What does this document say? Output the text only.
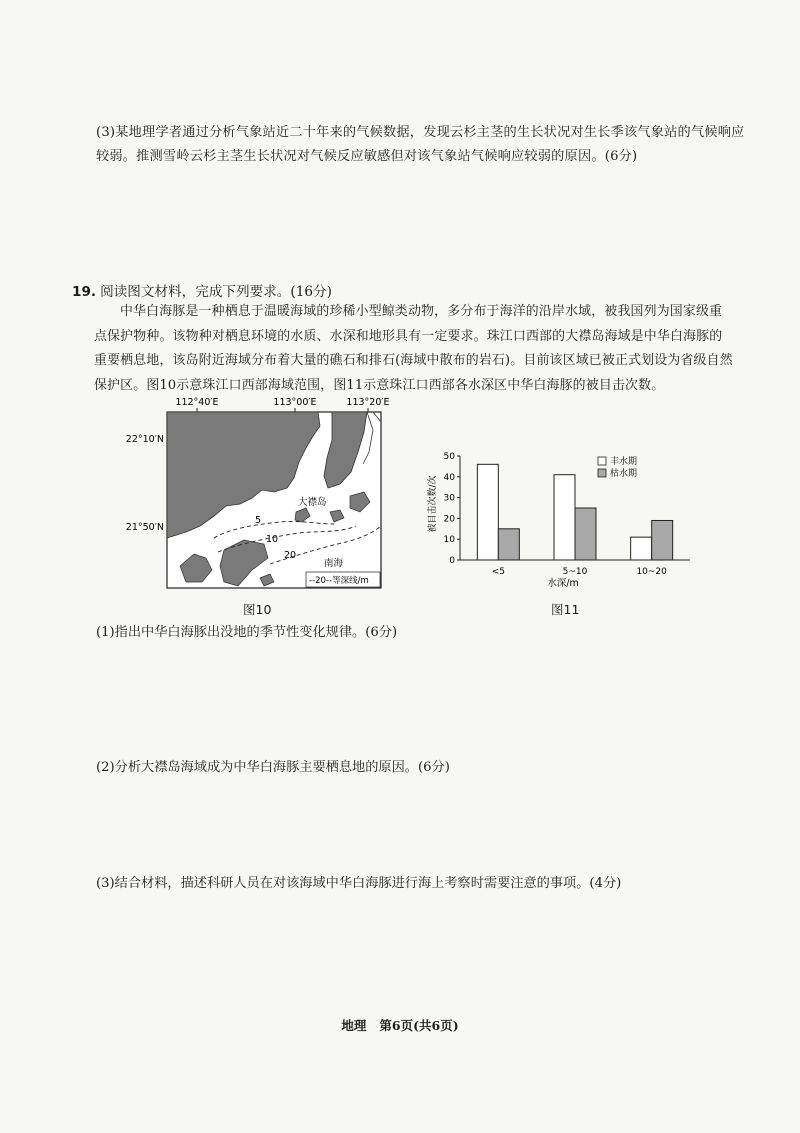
(3)某地理学者通过分析气象站近二十年来的气候数据，发现云杉主茎的生长状况对生长季该气象站的气候响应较弱。推测雪岭云杉主茎生长状况对气候反应敏感但对该气象站气候响应较弱的原因。(6分)
19. 阅读图文材料，完成下列要求。(16分)
中华白海豚是一种栖息于温暖海域的珍稀小型鲸类动物，多分布于海洋的沿岸水域，被我国列为国家级重点保护物种。该物种对栖息环境的水质、水深和地形具有一定要求。珠江口西部的大襟岛海域是中华白海豚的重要栖息地，该岛附近海域分布着大量的礁石和排石(海域中散布的岩石)。目前该区域已被正式划设为省级自然保护区。图10示意珠江口西部海域范围，图11示意珠江口西部各水深区中华白海豚的被目击次数。
112°40′E	113°00′E	113°20′E
22°10′N
21°50′N
5
10
20
大襟岛
南海
--20--等深线/m
图10
被目击次数/次
0
10
20
30
40
50
<5	5~10	10~20
水深/m
丰水期
枯水期
图11
(1)指出中华白海豚出没地的季节性变化规律。(6分)
(2)分析大襟岛海域成为中华白海豚主要栖息地的原因。(6分)
(3)结合材料，描述科研人员在对该海域中华白海豚进行海上考察时需要注意的事项。(4分)
地理 第6页(共6页)
